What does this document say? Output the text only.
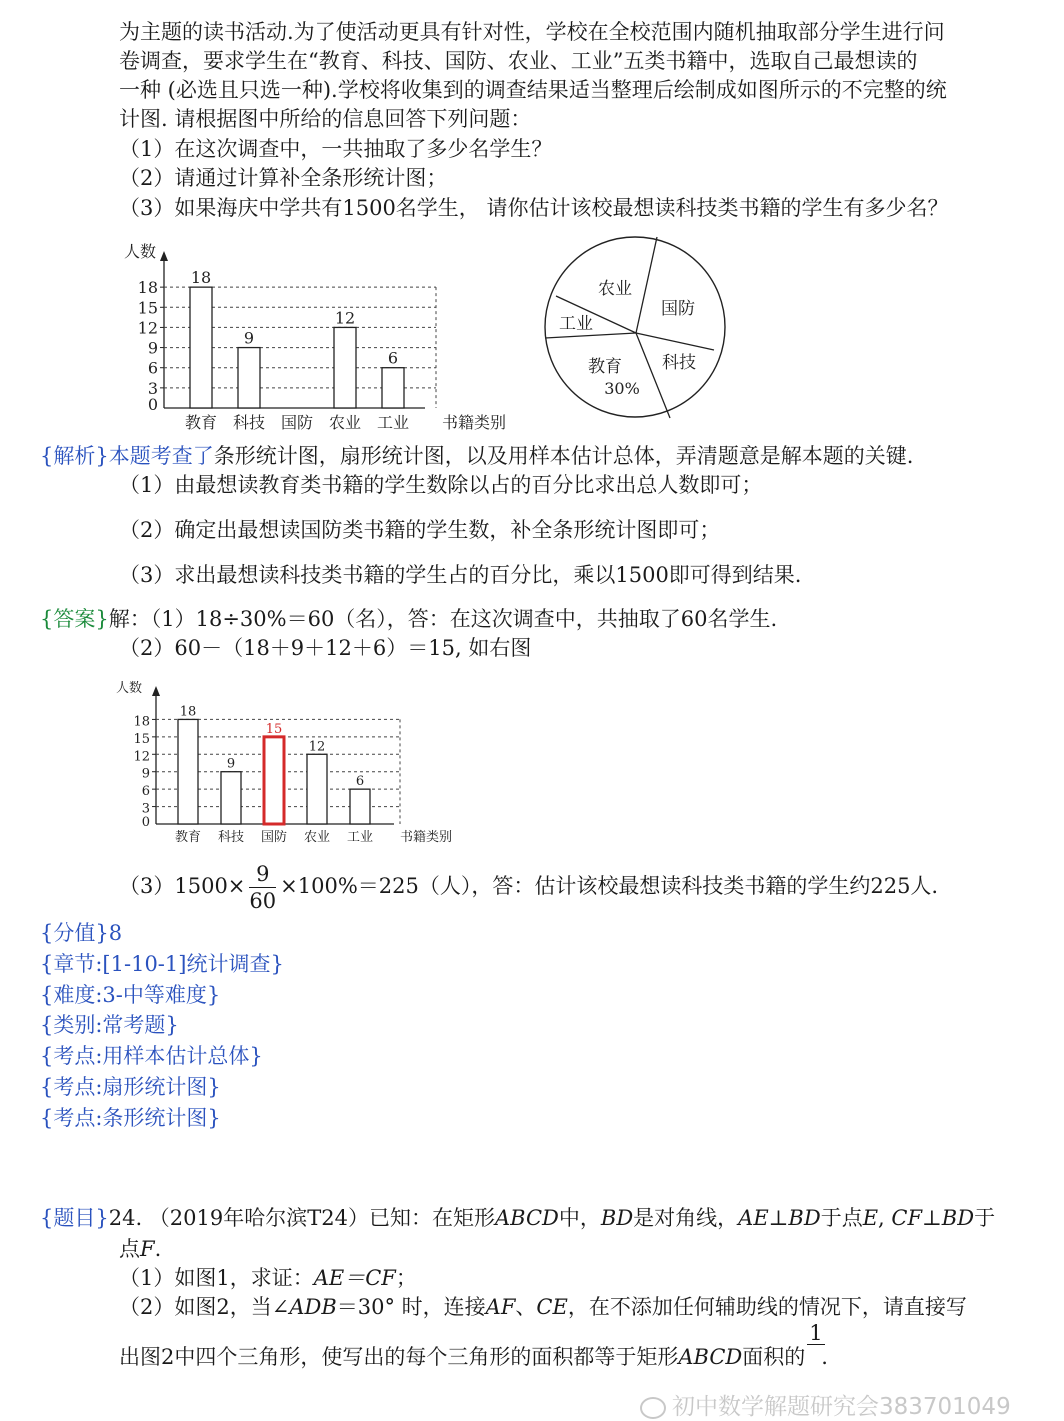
为主题的读书活动.为了使活动更具有针对性，学校在全校范围内随机抽取部分学生进行问
卷调查，要求学生在“教育、科技、国防、农业、工业”五类书籍中，选取自己最想读的
一种 (必选且只选一种).学校将收集到的调查结果适当整理后绘制成如图所示的不完整的统
计图. 请根据图中所给的信息回答下列问题：
（1）在这次调查中，一共抽取了多少名学生？
（2）请通过计算补全条形统计图；
（3）如果海庆中学共有1500名学生， 请你估计该校最想读科技类书籍的学生有多少名？
人数
0
3
6
9
12
15
18
18
教育
9
科技 国防
12
农业
6
工业 书籍类别
农业
国防
科技
教育
工业
30%
{解析}本题考查了条形统计图，扇形统计图，以及用样本估计总体，弄清题意是解本题的关键.
（1）由最想读教育类书籍的学生数除以占的百分比求出总人数即可；
（2）确定出最想读国防类书籍的学生数，补全条形统计图即可；
（3）求出最想读科技类书籍的学生占的百分比，乘以1500即可得到结果.
{答案}解：（1）18÷30%＝60（名），答：在这次调查中，共抽取了60名学生.
（2）60－（18＋9＋12＋6）＝15, 如右图
人数
0
3
6
9
12
15
18
18
教育
9
科技
15
国防
12
农业
6
工业 书籍类别
$(3)1500\times \frac{9}{60} \times 100\%=225$（人），答：估计该校最想读科技类书籍的学生约225人.
{分值}8
{章节:[1-10-1]统计调查}
{难度:3-中等难度}
{类别:常考题}
{考点:用样本估计总体}
{考点:扇形统计图}
{考点:条形统计图}
{题目}24. （2019年哈尔滨T24）已知：在矩形ABCD中，BD是对角线，AE⊥BD于点E, CF⊥BD于
点F.
（1）如图1，求证：AE＝CF；
（2）如图2，当∠ADB＝30° 时，连接AF、CE，在不添加任何辅助线的情况下，请直接写
出图2中四个三角形，使写出的每个三角形的面积都等于矩形ABCD面积的
1
.
初中数学解题研究会383701049
